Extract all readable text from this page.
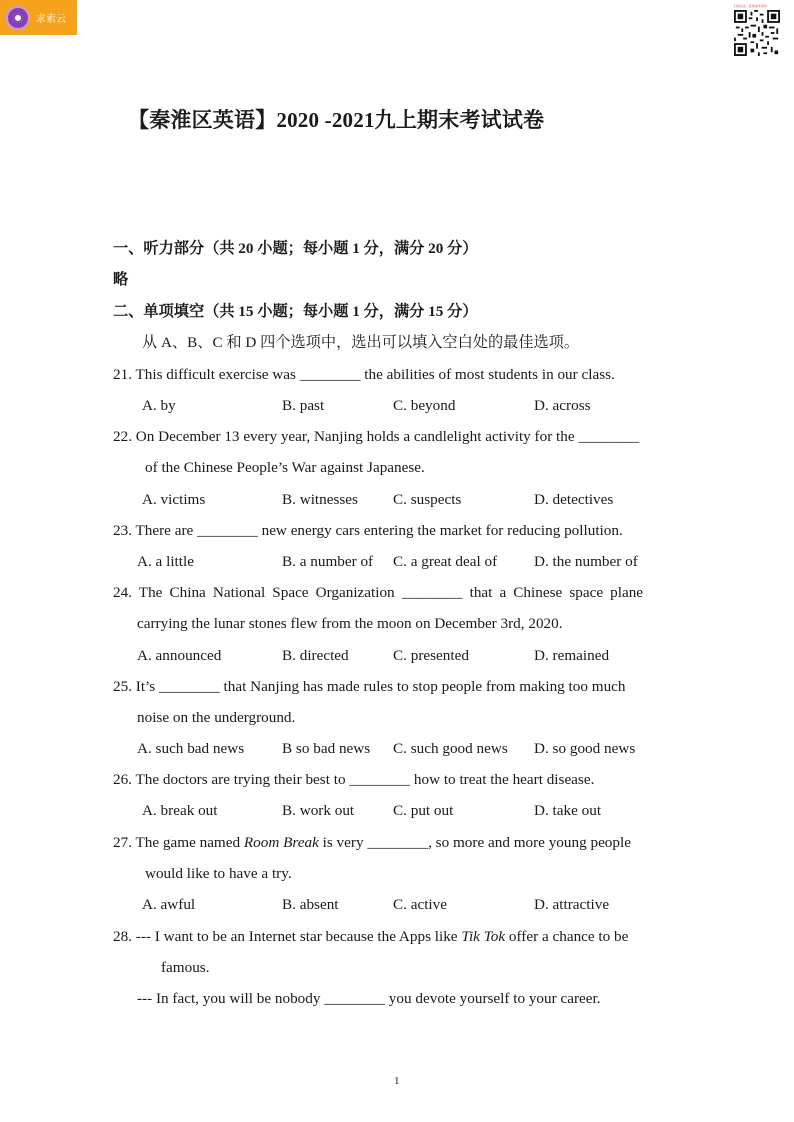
求索云
扫码关注 · 获取更多资料
【秦淮区英语】2020 -2021九上期末考试试卷
一、听力部分（共 20 小题；每小题 1 分，满分 20 分）
略
二、单项填空（共 15 小题；每小题 1 分，满分 15 分）
从 A、B、C 和 D 四个选项中，选出可以填入空白处的最佳选项。
21. This difficult exercise was ________ the abilities of most students in our class.
A. by	B. past	C. beyond	D. across
22. On December 13 every year, Nanjing holds a candlelight activity for the ________
of the Chinese People’s War against Japanese.
A. victims	B. witnesses C. suspects	D. detectives
23. There are ________ new energy cars entering the market for reducing pollution.
A. a little	B. a number of C. a great deal of D. the number of
24. The China National Space Organization ________ that a Chinese space plane
carrying the lunar stones flew from the moon on December 3rd, 2020.
A. announced	B. directed	C. presented	D. remained
25. It’s ________ that Nanjing has made rules to stop people from making too much
noise on the underground.
A. such bad news B so bad news C. such good news D. so good news
26. The doctors are trying their best to ________ how to treat the heart disease.
A. break out	B. work out	C. put out	D. take out
27. The game named Room Break is very ________, so more and more young people
would like to have a try.
A. awful	B. absent	C. active	D. attractive
28. --- I want to be an Internet star because the Apps like Tik Tok offer a chance to be
famous.
--- In fact, you will be nobody ________ you devote yourself to your career.
1
